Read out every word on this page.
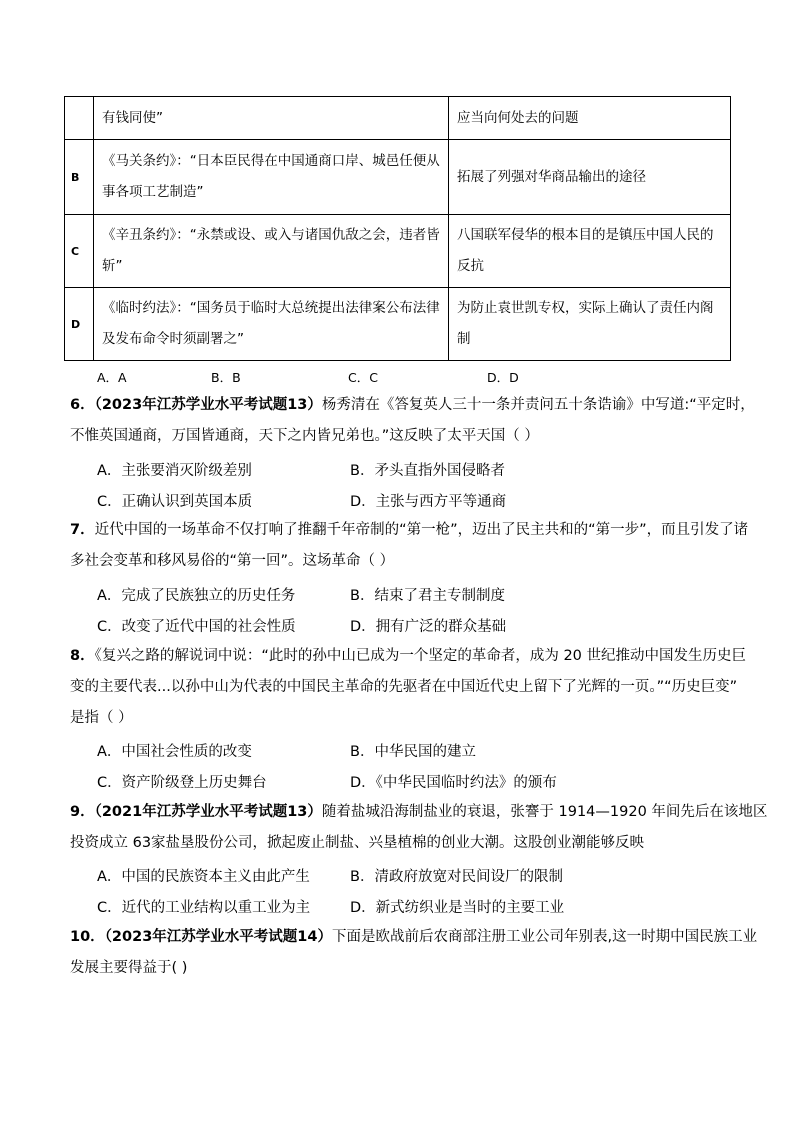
	有钱同使”	应当向何处去的问题
B	《马关条约》：“日本臣民得在中国通商口岸、城邑任便从事各项工艺制造”	拓展了列强对华商品输出的途径
C	《辛丑条约》：“永禁或设、或入与诸国仇敌之会，违者皆斩”	八国联军侵华的根本目的是镇压中国人民的反抗
D	《临时约法》：“国务员于临时大总统提出法律案公布法律及发布命令时须副署之”	为防止袁世凯专权，实际上确认了责任内阁制
A．A	B．B	C．C	D．D
6．（2023年江苏学业水平考试题13）杨秀清在《答复英人三十一条并责问五十条诰谕》中写道:“平定时，
不惟英国通商，万国皆通商，天下之内皆兄弟也。”这反映了太平天国（ ）
A．主张要消灭阶级差别	B．矛头直指外国侵略者
C．正确认识到英国本质	D．主张与西方平等通商
7．近代中国的一场革命不仅打响了推翻千年帝制的“第一枪”，迈出了民主共和的“第一步”，而且引发了诸
多社会变革和移风易俗的“第一回”。这场革命（ ）
A．完成了民族独立的历史任务	B．结束了君主专制制度
C．改变了近代中国的社会性质	D．拥有广泛的群众基础
8．《复兴之路的解说词中说：“此时的孙中山已成为一个坚定的革命者，成为 20 世纪推动中国发生历史巨
变的主要代表...以孙中山为代表的中国民主革命的先驱者在中国近代史上留下了光辉的一页。”“历史巨变”
是指（ ）
A．中国社会性质的改变	B．中华民国的建立
C．资产阶级登上历史舞台	D．《中华民国临时约法》的颁布
9．（2021年江苏学业水平考试题13）随着盐城沿海制盐业的衰退，张謇于 1914—1920 年间先后在该地区
投资成立 63家盐垦股份公司，掀起废止制盐、兴垦植棉的创业大潮。这股创业潮能够反映
A．中国的民族资本主义由此产生	B．清政府放宽对民间设厂的限制
C．近代的工业结构以重工业为主	D．新式纺织业是当时的主要工业
10．（2023年江苏学业水平考试题14）下面是欧战前后农商部注册工业公司年别表,这一时期中国民族工业
发展主要得益于( )
